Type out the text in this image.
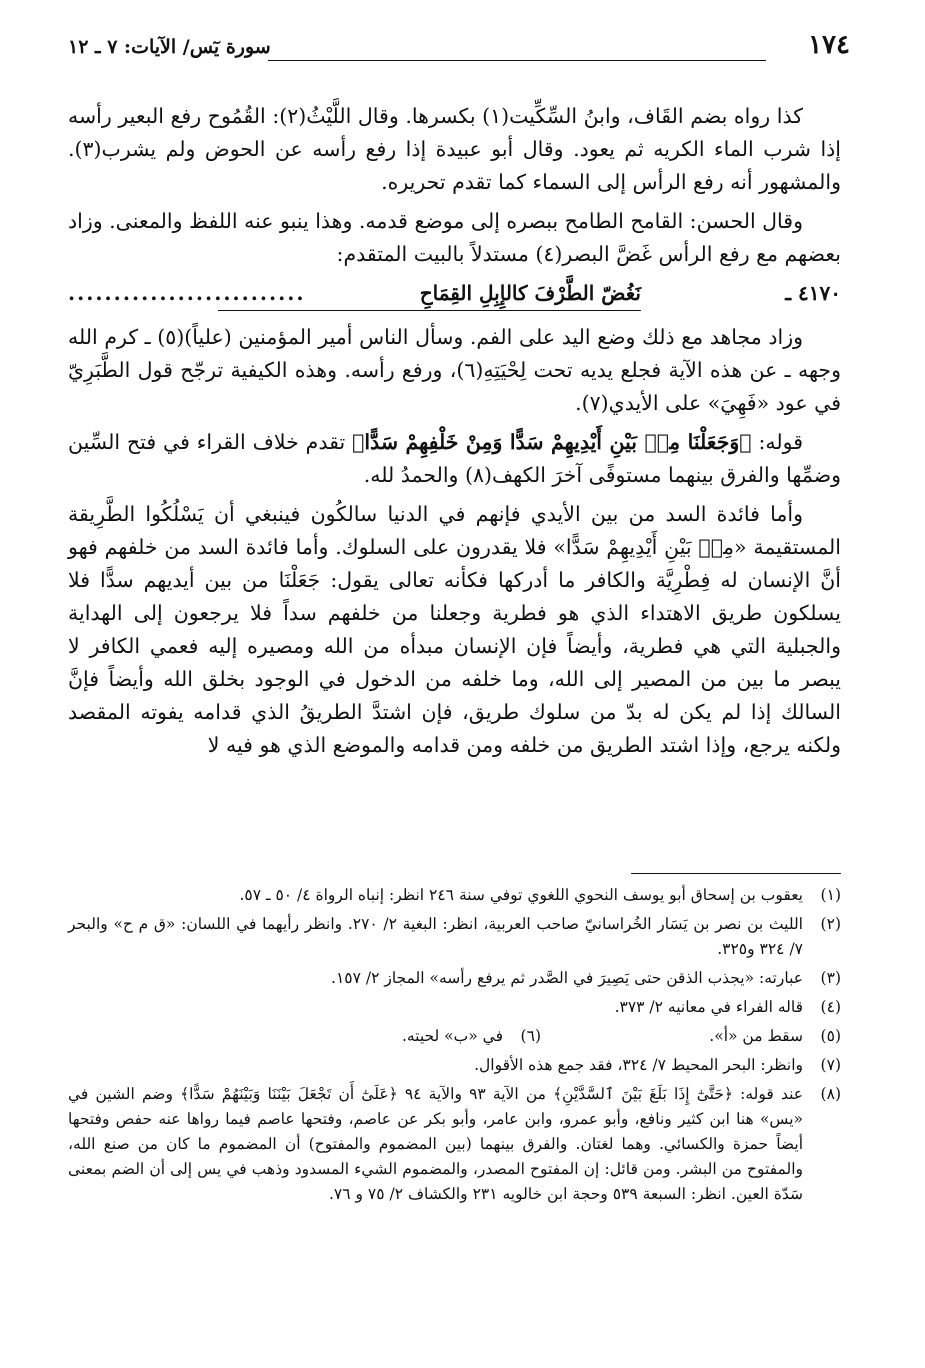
١٧٤
سورة يٓس/ الآيات: ٧ ـ ١٢

كذا رواه بضم القَاف، وابنُ السِّكِّيت(١) بكسرها. وقال اللَّيْثُ(٢): القُمُوح رفع البعير رأسه إذا شرب الماء الكريه ثم يعود. وقال أبو عبيدة إذا رفع رأسه عن الحوض ولم يشرب(٣). والمشهور أنه رفع الرأس إلى السماء كما تقدم تحريره.

وقال الحسن: القامح الطامح ببصره إلى موضع قدمه. وهذا ينبو عنه اللفظ والمعنى. وزاد بعضهم مع رفع الرأس غَضَّ البصر(٤) مستدلاً بالبيت المتقدم:

٤١٧٠ ـ
نَغُضّ الطَّرْفَ كالإِبِلِ القِمَاحِ
..........................

وزاد مجاهد مع ذلك وضع اليد على الفم. وسأل الناس أمير المؤمنين (علياً)(٥) ـ كرم الله وجهه ـ عن هذه الآية فجلع يديه تحت لِحْيَتِهِ(٦)، ورفع رأسه. وهذه الكيفية ترجّح قول الطَّبَرِيّ في عود «فَهِيَ» على الأيدي(٧).

قوله: ﴿وَجَعَلْنَا مِنۢ بَيْنِ أَيْدِيهِمْ سَدًّا وَمِنْ خَلْفِهِمْ سَدًّا﴾ تقدم خلاف القراء في فتح السِّين وضمِّها والفرق بينهما مستوفًى آخرَ الكهف(٨) والحمدُ لله.

وأما فائدة السد من بين الأيدي فإنهم في الدنيا سالكُون فينبغي أن يَسْلُكُوا الطَّرِيقة المستقيمة «مِنۢ بَيْنِ أَيْدِيهِمْ سَدًّا» فلا يقدرون على السلوك. وأما فائدة السد من خلفهم فهو أنَّ الإنسان له فِطْرِيَّة والكافر ما أدركها فكأنه تعالى يقول: جَعَلْنَا من بين أيديهم سدًّا فلا يسلكون طريق الاهتداء الذي هو فطرية وجعلنا من خلفهم سداً فلا يرجعون إلى الهداية والجبلية التي هي فطرية، وأيضاً فإن الإنسان مبدأه من الله ومصيره إليه فعمي الكافر لا يبصر ما بين من المصير إلى الله، وما خلفه من الدخول في الوجود بخلق الله وأيضاً فإنَّ السالك إذا لم يكن له بدّ من سلوك طريق، فإن اشتدَّ الطريقُ الذي قدامه يفوته المقصد ولكنه يرجع، وإذا اشتد الطريق من خلفه ومن قدامه والموضع الذي هو فيه لا

(١)
يعقوب بن إسحاق أبو يوسف النحوي اللغوي توفي سنة ٢٤٦ انظر: إنباه الرواة ٤/ ٥٠ ـ ٥٧.
(٢)
الليث بن نصر بن يَسَار الخُراسانيّ صاحب العربية، انظر: البغية ٢/ ٢٧٠. وانظر رأيهما في اللسان: «ق م ح» والبحر ٧/ ٣٢٤ و٣٢٥.
(٣)
عبارته: «يجذب الذقن حتى يَصِيرَ في الصَّدر ثم يرفع رأسه» المجاز ٢/ ١٥٧.
(٤)
قاله الفراء في معانيه ٢/ ٣٧٣.
(٥)
سقط من «أ».
(٦)
في «ب» لحيته.
(٧)
وانظر: البحر المحيط ٧/ ٣٢٤، فقد جمع هذه الأقوال.
(٨)
عند قوله: ﴿حَتَّىٰٓ إِذَا بَلَغَ بَيْنَ ٱلسَّدَّيْنِ﴾ من الآية ٩٣ والآية ٩٤ ﴿عَلَىٰٓ أَن تَجْعَلَ بَيْنَنَا وَبَيْنَهُمْ سَدًّا﴾ وضم الشين في «يس» هنا ابن كثير ونافع، وأبو عمرو، وابن عامر، وأبو بكر عن عاصم، وفتحها عاصم فيما رواها عنه حفص وفتحها أيضاً حمزة والكسائي. وهما لغتان. والفرق بينهما (بين المضموم والمفتوح) أن المضموم ما كان من صنع الله، والمفتوح من البشر. ومن قائل: إن المفتوح المصدر، والمضموم الشيء المسدود وذهب في يس إلى أن الضم بمعنى سَدّة العين. انظر: السبعة ٥٣٩ وحجة ابن خالويه ٢٣١ والكشاف ٢/ ٧٥ و ٧٦.
